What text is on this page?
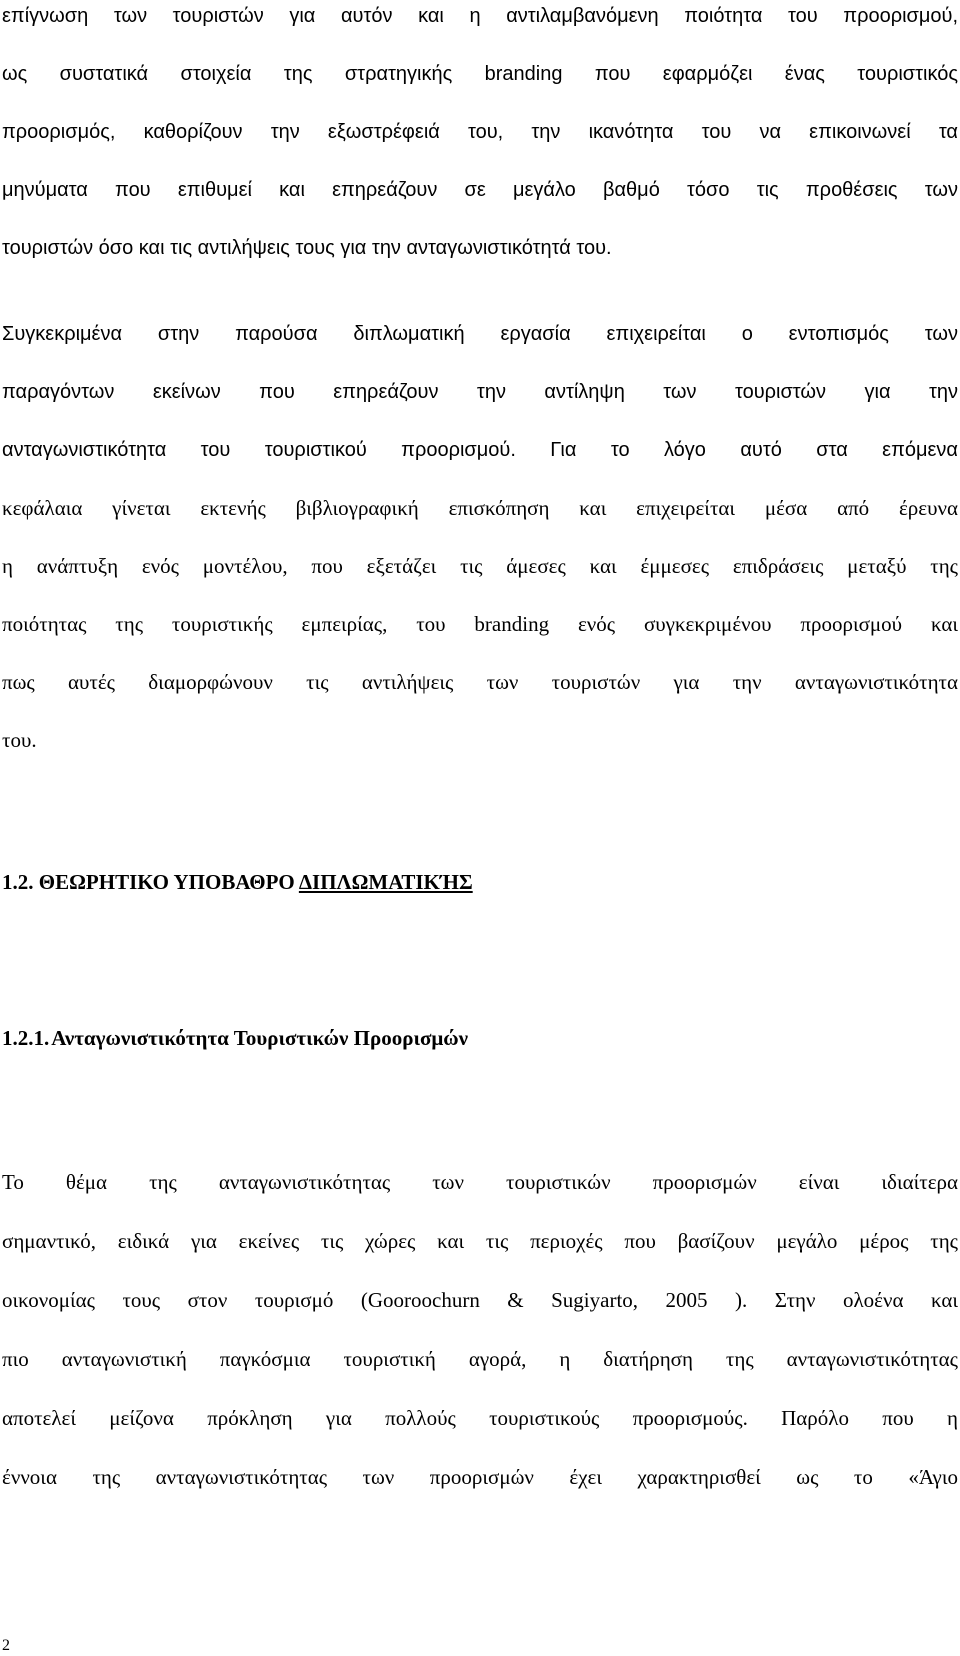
επίγνωση των τουριστών για αυτόν και η αντιλαμβανόμενη ποιότητα του προορισμού,
ως συστατικά στοιχεία της στρατηγικής branding που εφαρμόζει ένας τουριστικός
προορισμός, καθορίζουν την εξωστρέφειά του, την ικανότητα του να επικοινωνεί τα
μηνύματα που επιθυμεί και επηρεάζουν σε μεγάλο βαθμό τόσο τις προθέσεις των
τουριστών όσο και τις αντιλήψεις τους για την ανταγωνιστικότητά του.
Συγκεκριμένα στην παρούσα διπλωματική εργασία επιχειρείται ο εντοπισμός των
παραγόντων εκείνων που επηρεάζουν την αντίληψη των τουριστών για την
ανταγωνιστικότητα του τουριστικού προορισμού. Για το λόγο αυτό στα επόμενα
κεφάλαια γίνεται εκτενής βιβλιογραφική επισκόπηση και επιχειρείται μέσα από έρευνα
η ανάπτυξη ενός μοντέλου, που εξετάζει τις άμεσες και έμμεσες επιδράσεις μεταξύ της
ποιότητας της τουριστικής εμπειρίας, του branding ενός συγκεκριμένου προορισμού και
πως αυτές διαμορφώνουν τις αντιλήψεις των τουριστών για την ανταγωνιστικότητα
του.
1.2. ΘΕΩΡΗΤΙΚΟ ΥΠΟΒΑΘΡΟ ΔΙΠΛΩΜΑΤΙΚΉΣ
1.2.1.Ανταγωνιστικότητα Τουριστικών Προορισμών
Το θέμα της ανταγωνιστικότητας των τουριστικών προορισμών είναι ιδιαίτερα
σημαντικό, ειδικά για εκείνες τις χώρες και τις περιοχές που βασίζουν μεγάλο μέρος της
οικονομίας τους στον τουρισμό (Gooroochurn & Sugiyarto, 2005 ). Στην ολοένα και
πιο ανταγωνιστική παγκόσμια τουριστική αγορά, η διατήρηση της ανταγωνιστικότητας
αποτελεί μείζονα πρόκληση για πολλούς τουριστικούς προορισμούς. Παρόλο που η
έννοια της ανταγωνιστικότητας των προορισμών έχει χαρακτηρισθεί ως το «Άγιο
2
